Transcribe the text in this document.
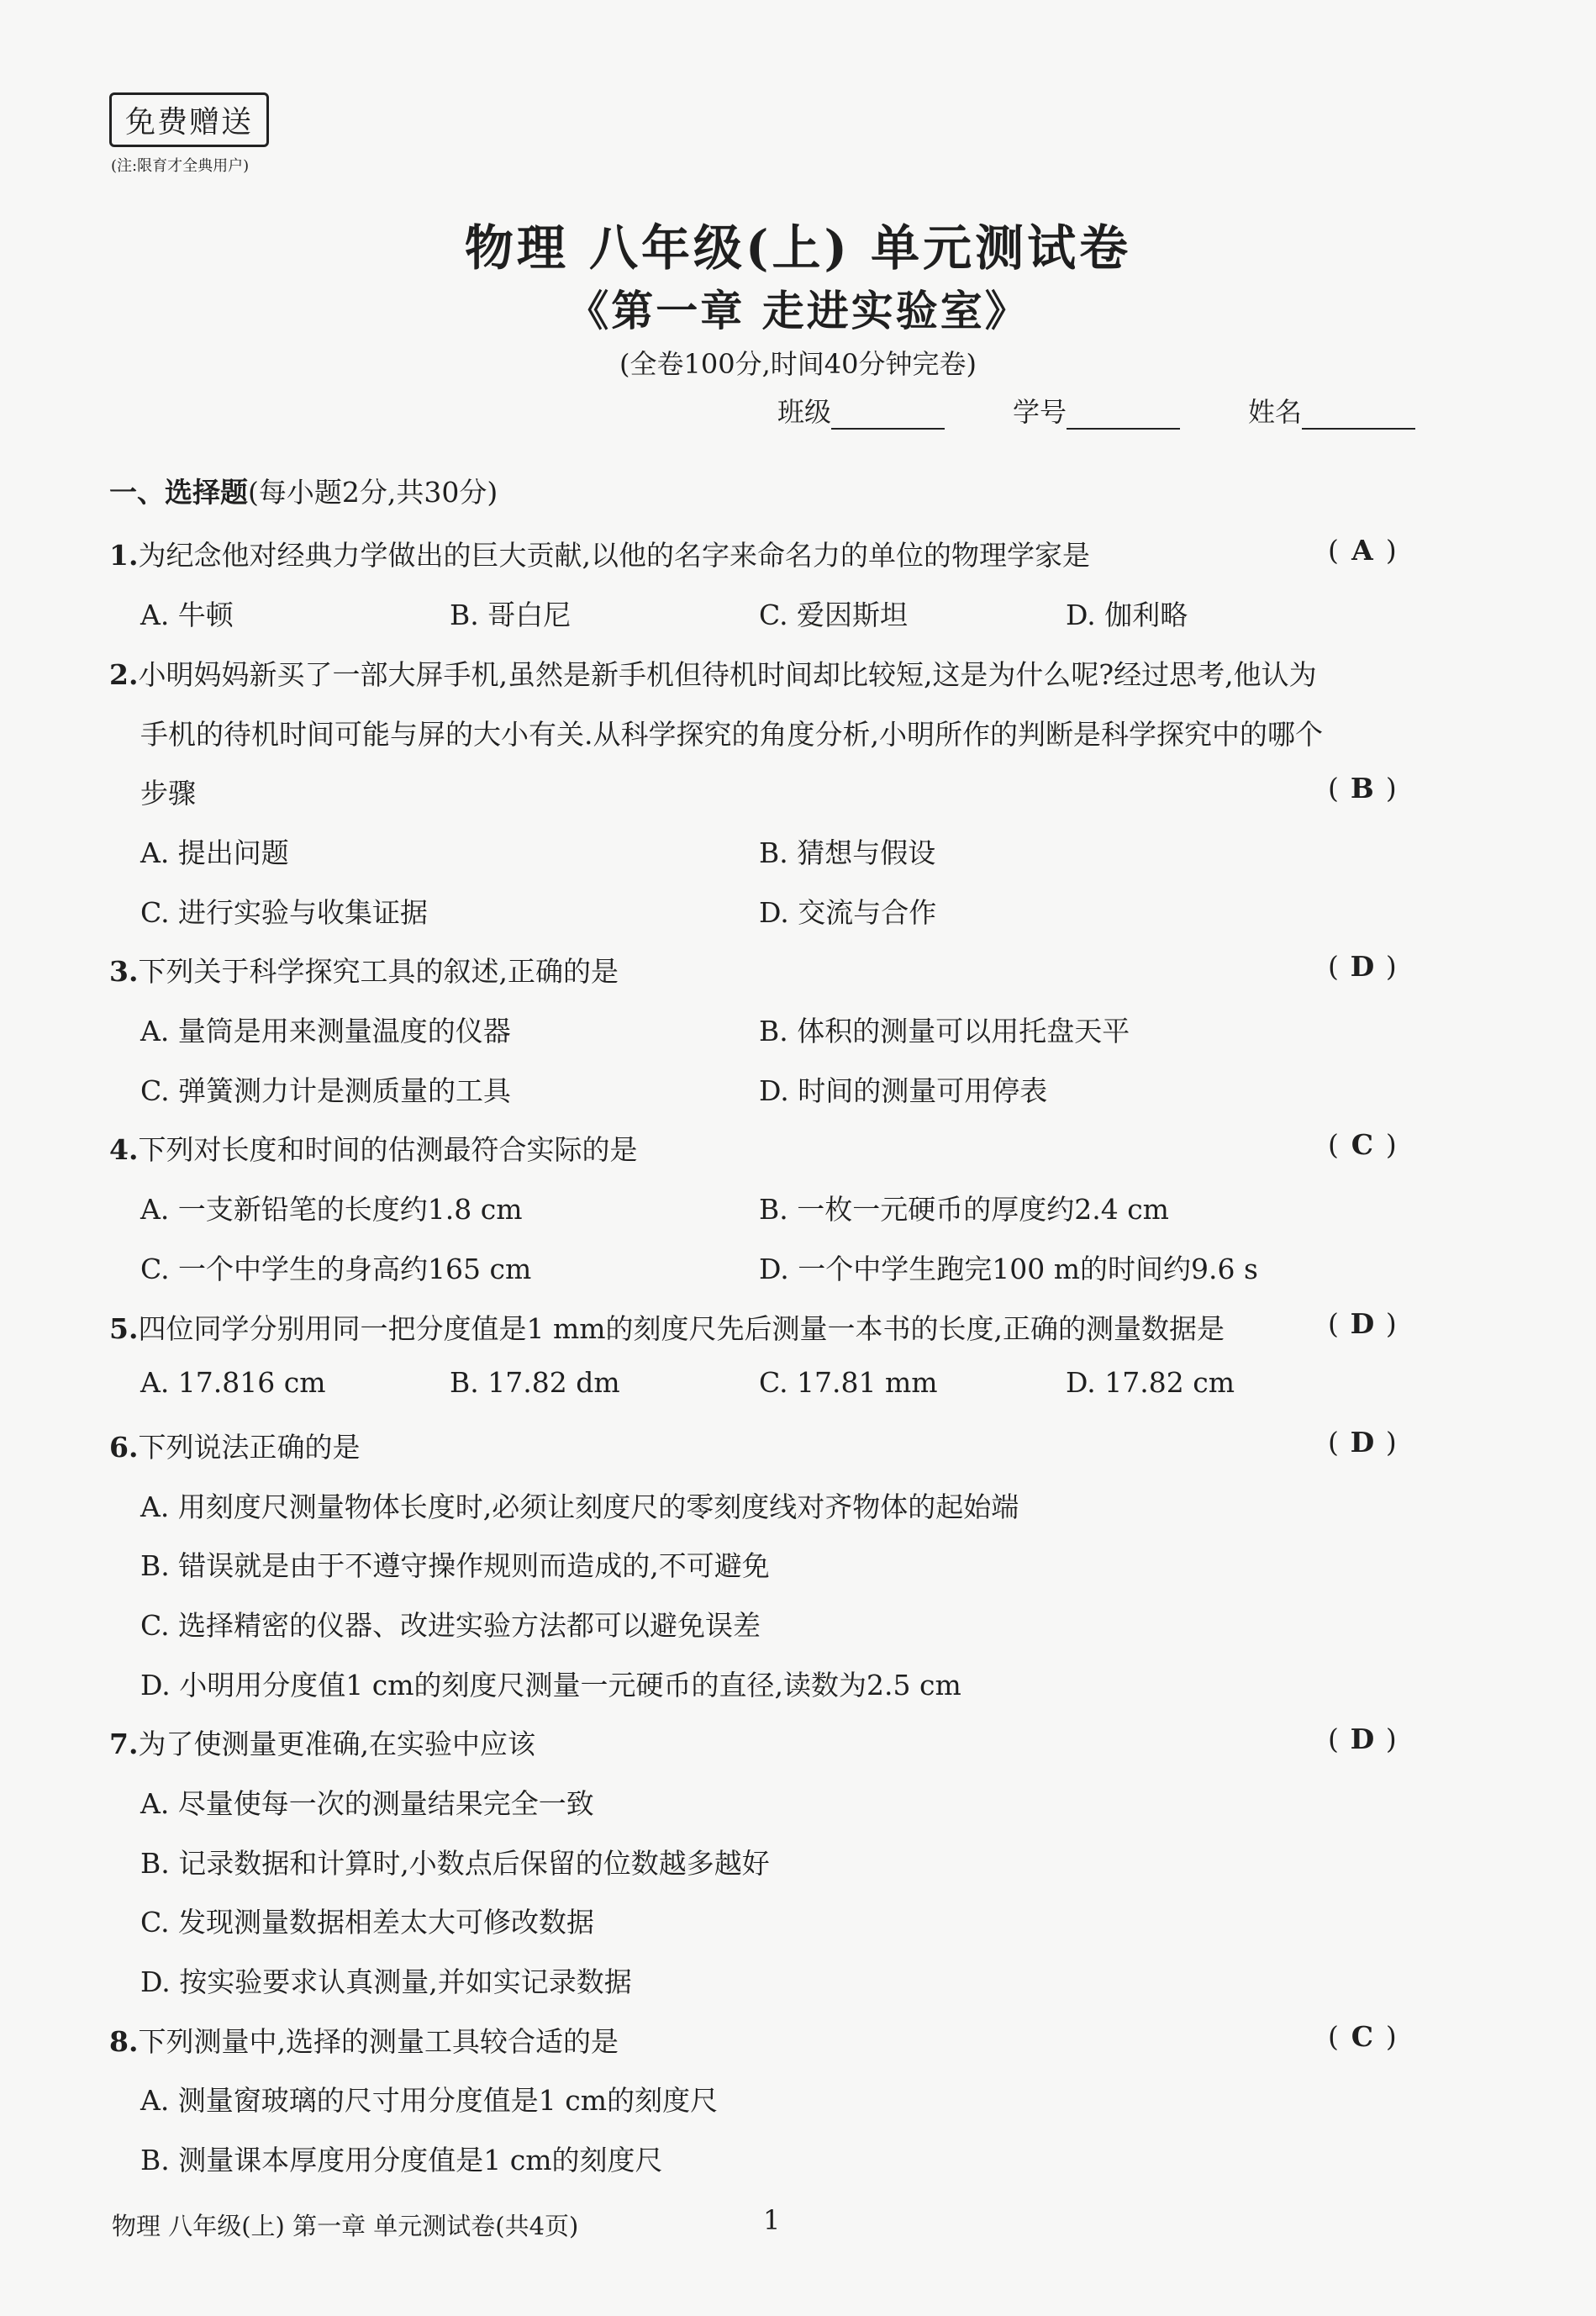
免费赠送
(注:限育才全典用户)
物理 八年级(上) 单元测试卷
《第一章 走进实验室》
(全卷100分,时间40分钟完卷)
班级	学号	姓名
一、选择题(每小题2分,共30分)
1.为纪念他对经典力学做出的巨大贡献,以他的名字来命名力的单位的物理学家是	( A )
A. 牛顿	B. 哥白尼	C. 爱因斯坦	D. 伽利略
2.小明妈妈新买了一部大屏手机,虽然是新手机但待机时间却比较短,这是为什么呢?经过思考,他认为
手机的待机时间可能与屏的大小有关.从科学探究的角度分析,小明所作的判断是科学探究中的哪个
步骤	( B )
A. 提出问题	B. 猜想与假设
C. 进行实验与收集证据	D. 交流与合作
3.下列关于科学探究工具的叙述,正确的是	( D )
A. 量筒是用来测量温度的仪器	B. 体积的测量可以用托盘天平
C. 弹簧测力计是测质量的工具	D. 时间的测量可用停表
4.下列对长度和时间的估测最符合实际的是	( C )
A. 一支新铅笔的长度约1.8 cm	B. 一枚一元硬币的厚度约2.4 cm
C. 一个中学生的身高约165 cm	D. 一个中学生跑完100 m的时间约9.6 s
5.四位同学分别用同一把分度值是1 mm的刻度尺先后测量一本书的长度,正确的测量数据是	( D )
A. 17.816 cm	B. 17.82 dm	C. 17.81 mm	D. 17.82 cm
6.下列说法正确的是	( D )
A. 用刻度尺测量物体长度时,必须让刻度尺的零刻度线对齐物体的起始端
B. 错误就是由于不遵守操作规则而造成的,不可避免
C. 选择精密的仪器、改进实验方法都可以避免误差
D. 小明用分度值1 cm的刻度尺测量一元硬币的直径,读数为2.5 cm
7.为了使测量更准确,在实验中应该	( D )
A. 尽量使每一次的测量结果完全一致
B. 记录数据和计算时,小数点后保留的位数越多越好
C. 发现测量数据相差太大可修改数据
D. 按实验要求认真测量,并如实记录数据
8.下列测量中,选择的测量工具较合适的是	( C )
A. 测量窗玻璃的尺寸用分度值是1 cm的刻度尺
B. 测量课本厚度用分度值是1 cm的刻度尺
物理 八年级(上) 第一章 单元测试卷(共4页)	1
